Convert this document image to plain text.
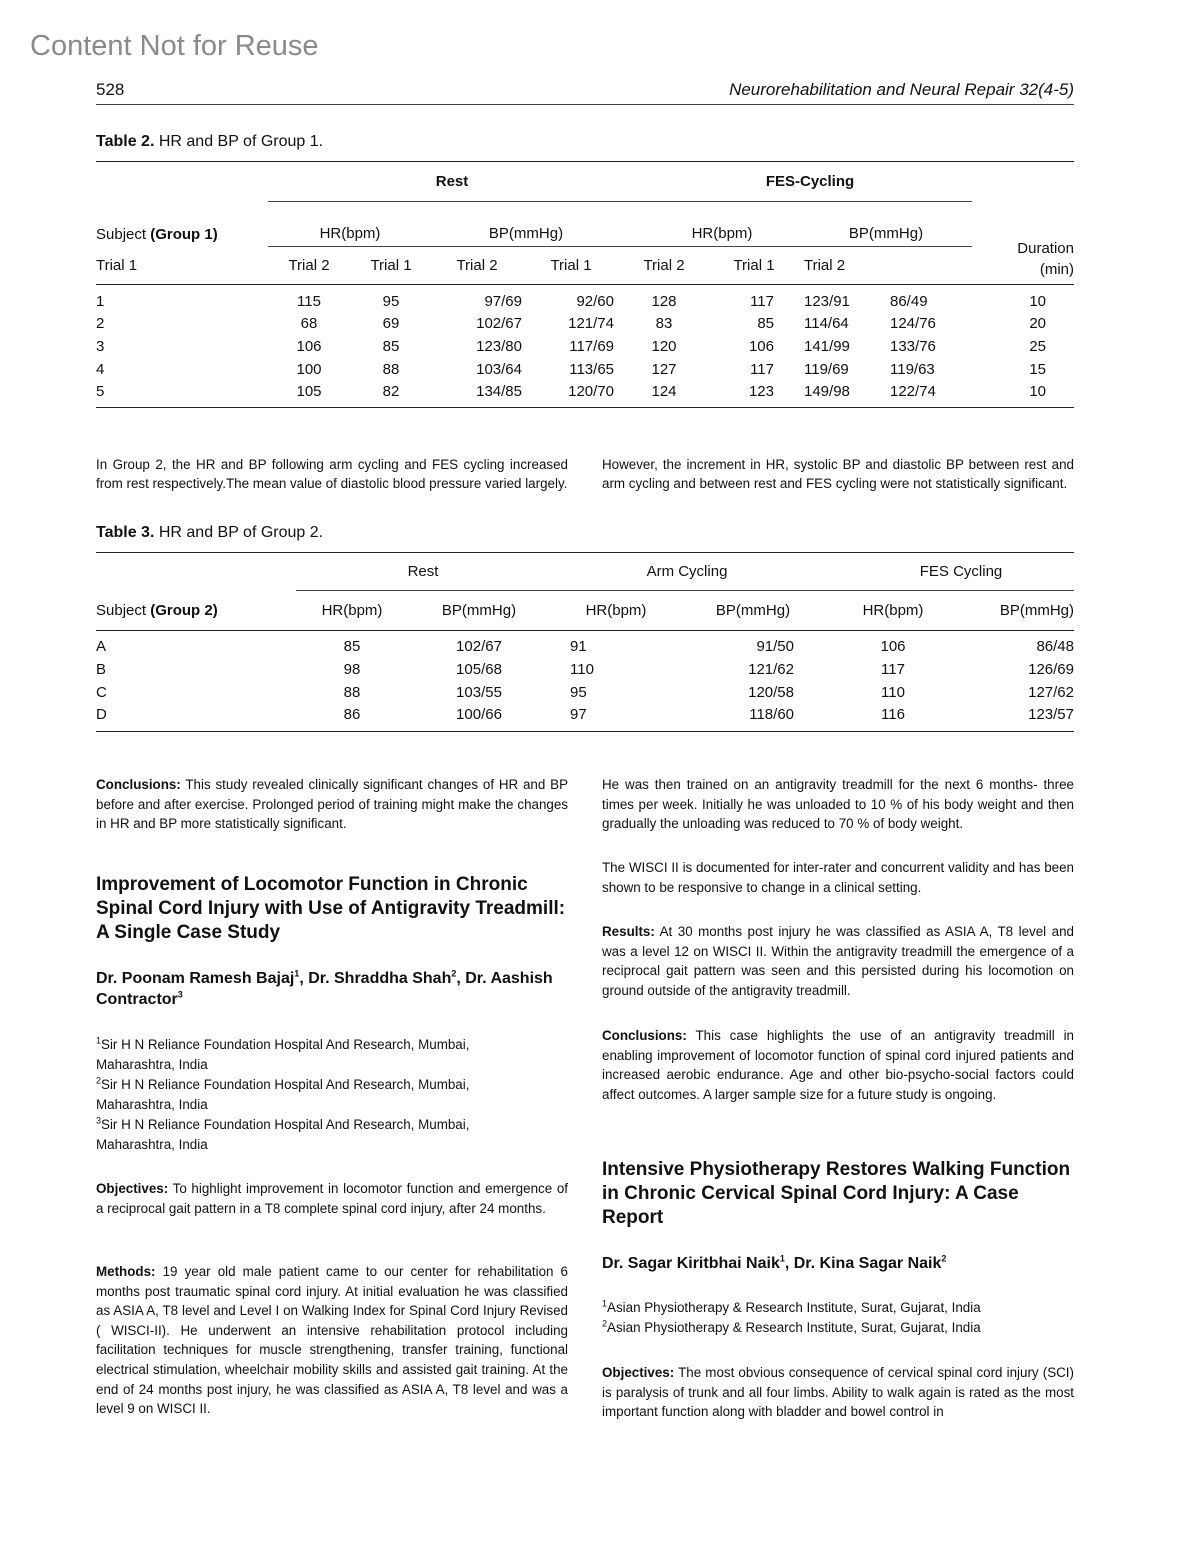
Content Not for Reuse
528	Neurorehabilitation and Neural Repair 32(4-5)
Table 2. HR and BP of Group 1.
	Rest				FES-Cycling				
Subject (Group 1)	HR(bpm)		BP(mmHg)		HR(bpm)		BP(mmHg)		Duration
(min)
Trial 1	Trial 2	Trial 1	Trial 2	Trial 1	Trial 2	Trial 1	Trial 2		
1	115	95	97/69	92/60	128	117	123/91	86/49	10
2	68	69	102/67	121/74	83	85	114/64	124/76	20
3	106	85	123/80	117/69	120	106	141/99	133/76	25
4	100	88	103/64	113/65	127	117	119/69	119/63	15
5	105	82	134/85	120/70	124	123	149/98	122/74	10
In Group 2, the HR and BP following arm cycling and FES cycling increased from rest respectively.The mean value of diastolic blood pressure varied largely.
However, the increment in HR, systolic BP and diastolic BP between rest and arm cycling and between rest and FES cycling were not statistically significant.
Table 3. HR and BP of Group 2.
	Rest		Arm Cycling		FES Cycling	
Subject (Group 2)	HR(bpm)	BP(mmHg)	HR(bpm)	BP(mmHg)	HR(bpm)	BP(mmHg)
A	85	102/67	91	91/50	106	86/48
B	98	105/68	110	121/62	117	126/69
C	88	103/55	95	120/58	110	127/62
D	86	100/66	97	118/60	116	123/57
Conclusions: This study revealed clinically significant changes of HR and BP before and after exercise. Prolonged period of training might make the changes in HR and BP more statistically significant.
Improvement of Locomotor Function in Chronic Spinal Cord Injury with Use of Antigravity Treadmill: A Single Case Study
Dr. Poonam Ramesh Bajaj$^1$, Dr. Shraddha Shah$^2$, Dr. Aashish Contractor$^3$
$^1$Sir H N Reliance Foundation Hospital And Research, Mumbai, Maharashtra, India
$^2$Sir H N Reliance Foundation Hospital And Research, Mumbai, Maharashtra, India
$^3$Sir H N Reliance Foundation Hospital And Research, Mumbai, Maharashtra, India
Objectives: To highlight improvement in locomotor function and emergence of a reciprocal gait pattern in a T8 complete spinal cord injury, after 24 months.
Methods: 19 year old male patient came to our center for rehabilitation 6 months post traumatic spinal cord injury. At initial evaluation he was classified as ASIA A, T8 level and Level I on Walking Index for Spinal Cord Injury Revised ( WISCI-II). He underwent an intensive rehabilitation protocol including facilitation techniques for muscle strengthening, transfer training, functional electrical stimulation, wheelchair mobility skills and assisted gait training. At the end of 24 months post injury, he was classified as ASIA A, T8 level and was a level 9 on WISCI II.
He was then trained on an antigravity treadmill for the next 6 months- three times per week. Initially he was unloaded to 10 % of his body weight and then gradually the unloading was reduced to 70 % of body weight.
The WISCI II is documented for inter-rater and concurrent validity and has been shown to be responsive to change in a clinical setting.
Results: At 30 months post injury he was classified as ASIA A, T8 level and was a level 12 on WISCI II. Within the antigravity treadmill the emergence of a reciprocal gait pattern was seen and this persisted during his locomotion on ground outside of the antigravity treadmill.
Conclusions: This case highlights the use of an antigravity treadmill in enabling improvement of locomotor function of spinal cord injured patients and increased aerobic endurance. Age and other bio-psycho-social factors could affect outcomes. A larger sample size for a future study is ongoing.
Intensive Physiotherapy Restores Walking Function in Chronic Cervical Spinal Cord Injury: A Case Report
Dr. Sagar Kiritbhai Naik$^1$, Dr. Kina Sagar Naik$^2$
$^1$Asian Physiotherapy & Research Institute, Surat, Gujarat, India
$^2$Asian Physiotherapy & Research Institute, Surat, Gujarat, India
Objectives: The most obvious consequence of cervical spinal cord injury (SCI) is paralysis of trunk and all four limbs. Ability to walk again is rated as the most important function along with bladder and bowel control in
